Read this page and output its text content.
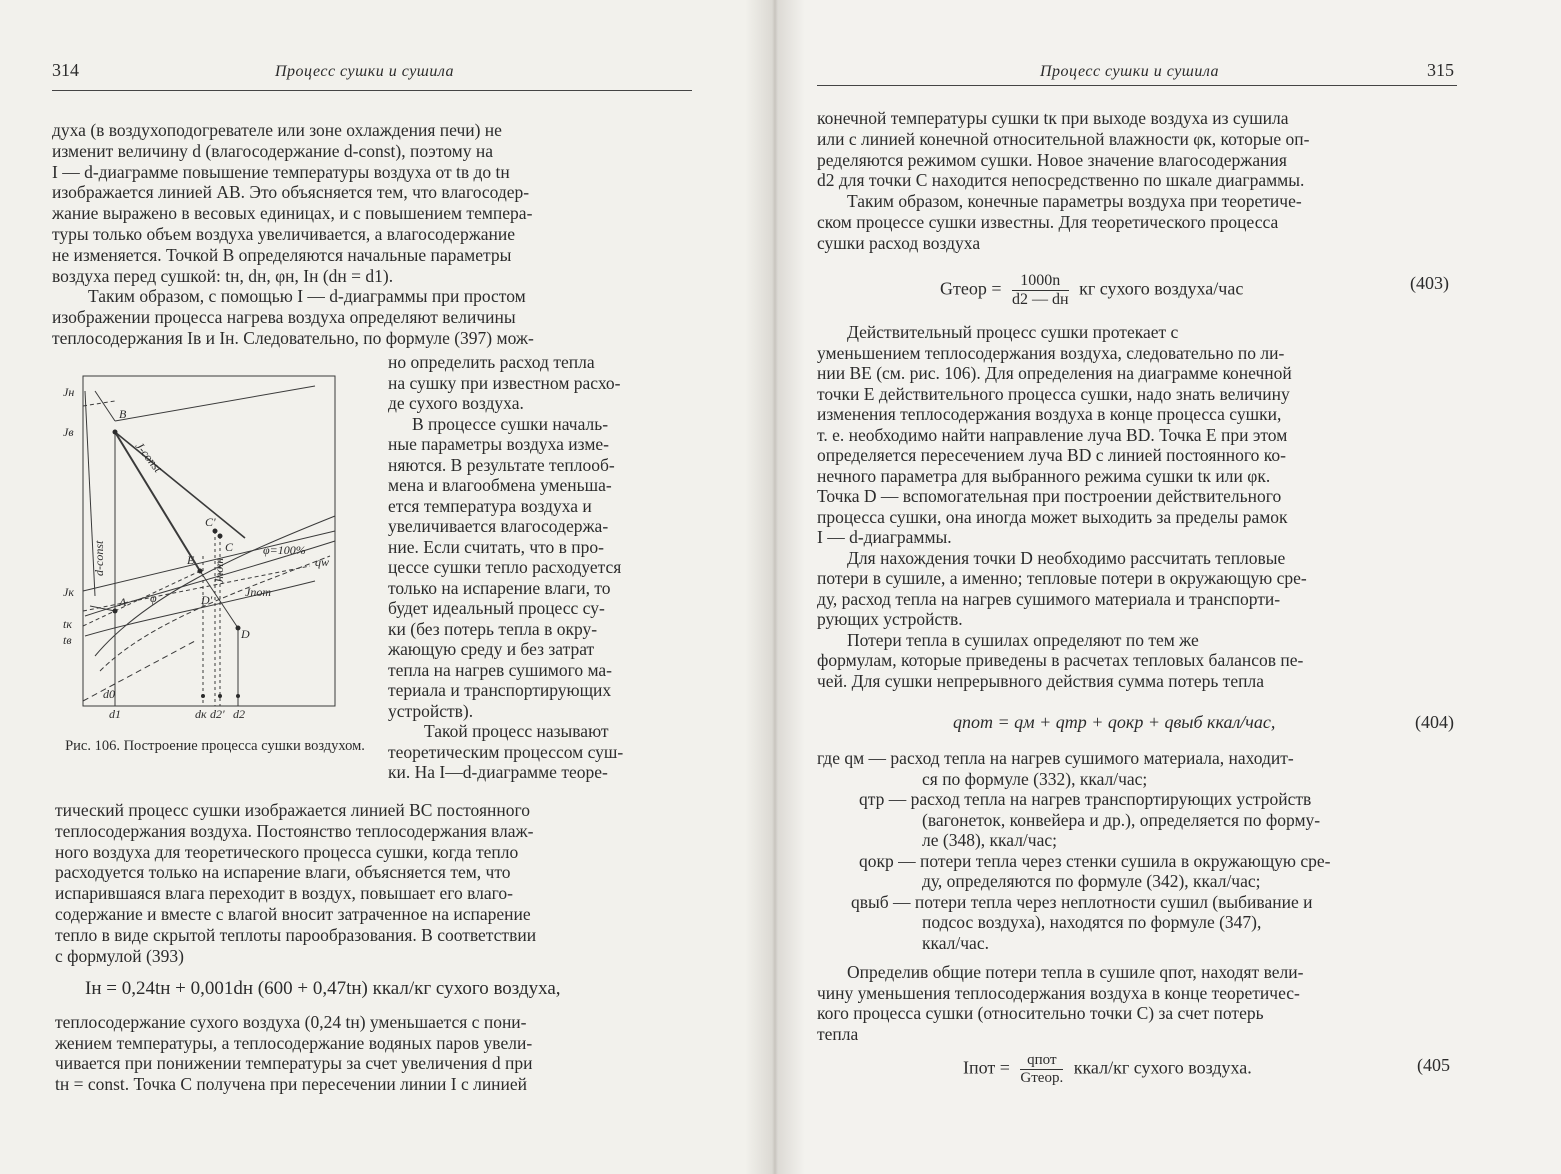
314	Процесс сушки и сушила
духа (в воздухоподогревателе или зоне охлаждения печи) не
изменит величину d (влагосодержание d-const), поэтому на
I — d-диаграмме повышение температуры воздуха от tв до tн
изображается линией AB. Это объясняется тем, что влагосодер-
жание выражено в весовых единицах, и с повышением темпера-
туры только объем воздуха увеличивается, а влагосодержание
не изменяется. Точкой B определяются начальные параметры
воздуха перед сушкой: tн, dн, φн, Iн (dн = d1).
Таким образом, с помощью I — d-диаграммы при простом
изображении процесса нагрева воздуха определяют величины
теплосодержания Iв и Iн. Следовательно, по формуле (397) мож-
но определить расход тепла
на сушку при известном расхо-
де сухого воздуха.
В процессе сушки началь-
ные параметры воздуха изме-
няются. В результате теплооб-
мена и влагообмена уменьша-
ется температура воздуха и
увеличивается влагосодержа-
ние. Если считать, что в про-
цессе сушки тепло расходуется
только на испарение влаги, то
будет идеальный процесс су-
ки (без потерь тепла в окру-
жающую среду и без затрат
тепла на нагрев сушимого ма-
териала и транспортирующих
устройств).
Такой процесс называют
теоретическим процессом суш-
ки. На I—d-диаграмме теоре-
тический процесс сушки изображается линией BC постоянного
теплосодержания воздуха. Постоянство теплосодержания влаж-
ного воздуха для теоретического процесса сушки, когда тепло
расходуется только на испарение влаги, объясняется тем, что
испарившаяся влага переходит в воздух, повышает его влаго-
содержание и вместе с влагой вносит затраченное на испарение
тепло в виде скрытой теплоты парообразования. В соответствии
с формулой (393)
Iн = 0,24tн + 0,001dн (600 + 0,47tн) ккал/кг сухого воздуха,
теплосодержание сухого воздуха (0,24 tн) уменьшается с пони-
жением температуры, а теплосодержание водяных паров увели-
чивается при понижении температуры за счет увеличения d при
tн = const. Точка C получена при пересечении линии I с линией
Jн
Jв
Jк
tк
tв
B
A
C'
C
D'
D
E
J-const
d-const	φ=100%
qw
φ
Jпот
Jпот
d0
d1	dк d2' d2
Рис. 106. Построение процесса сушки воздухом.
Процесс сушки и сушила	315
конечной температуры сушки tк при выходе воздуха из сушила
или с линией конечной относительной влажности φк, которые оп-
ределяются режимом сушки. Новое значение влагосодержания
d2 для точки C находится непосредственно по шкале диаграммы.
Таким образом, конечные параметры воздуха при теоретиче-
ском процессе сушки известны. Для теоретического процесса
сушки расход воздуха
Gтеор =	1000n
d2 — dн
кг сухого воздуха/час	(403)
Действительный процесс сушки протекает с
уменьшением теплосодержания воздуха, следовательно по ли-
нии BE (см. рис. 106). Для определения на диаграмме конечной
точки E действительного процесса сушки, надо знать величину
изменения теплосодержания воздуха в конце процесса сушки,
т. е. необходимо найти направление луча BD. Точка E при этом
определяется пересечением луча BD с линией постоянного ко-
нечного параметра для выбранного режима сушки tк или φк.
Точка D — вспомогательная при построении действительного
процесса сушки, она иногда может выходить за пределы рамок
I — d-диаграммы.
Для нахождения точки D необходимо рассчитать тепловые
потери в сушиле, а именно; тепловые потери в окружающую сре-
ду, расход тепла на нагрев сушимого материала и транспорти-
рующих устройств.
Потери тепла в сушилах определяют по тем же
формулам, которые приведены в расчетах тепловых балансов пе-
чей. Для сушки непрерывного действия сумма потерь тепла
qпот = qм + qтр + qокр + qвыб ккал/час,	(404)
где qм — расход тепла на нагрев сушимого материала, находит-
ся по формуле (332), ккал/час;
qтр — расход тепла на нагрев транспортирующих устройств
(вагонеток, конвейера и др.), определяется по форму-
ле (348), ккал/час;
qокр — потери тепла через стенки сушила в окружающую сре-
ду, определяются по формуле (342), ккал/час;
qвыб — потери тепла через неплотности сушил (выбивание и
подсос воздуха), находятся по формуле (347),
ккал/час.
Определив общие потери тепла в сушиле qпот, находят вели-
чину уменьшения теплосодержания воздуха в конце теоретичес-
кого процесса сушки (относительно точки C) за счет потерь
тепла
Iпот =	qпот
Gтеор.
ккал/кг сухого воздуха.	(405
